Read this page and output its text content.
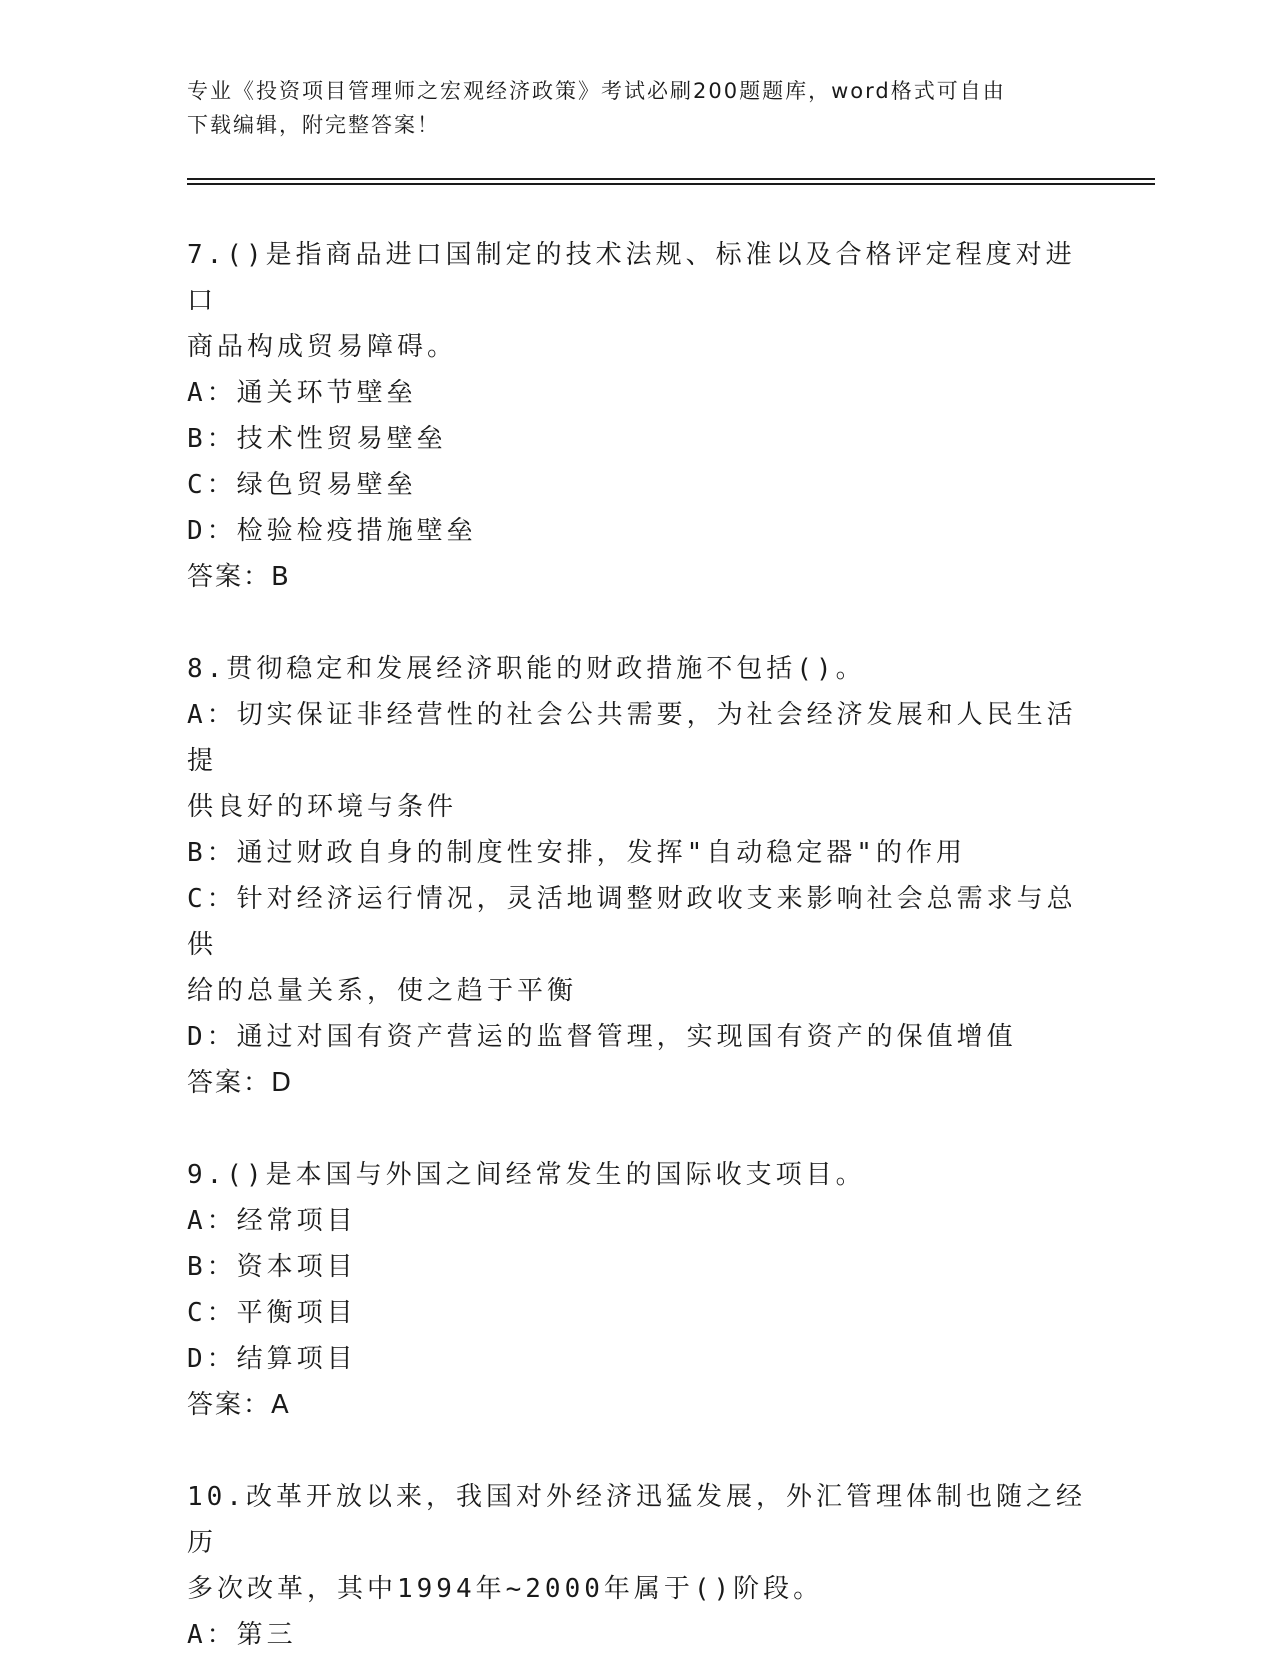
专业《投资项目管理师之宏观经济政策》考试必刷200题题库，word格式可自由
下载编辑，附完整答案！
7.()是指商品进口国制定的技术法规、标准以及合格评定程度对进口
商品构成贸易障碍。
A：通关环节壁垒
B：技术性贸易壁垒
C：绿色贸易壁垒
D：检验检疫措施壁垒
答案：B
8.贯彻稳定和发展经济职能的财政措施不包括()。
A：切实保证非经营性的社会公共需要，为社会经济发展和人民生活提
供良好的环境与条件
B：通过财政自身的制度性安排，发挥"自动稳定器"的作用
C：针对经济运行情况，灵活地调整财政收支来影响社会总需求与总供
给的总量关系，使之趋于平衡
D：通过对国有资产营运的监督管理，实现国有资产的保值增值
答案：D
9.()是本国与外国之间经常发生的国际收支项目。
A：经常项目
B：资本项目
C：平衡项目
D：结算项目
答案：A
10.改革开放以来，我国对外经济迅猛发展，外汇管理体制也随之经历
多次改革，其中1994年~2000年属于()阶段。
A：第三
